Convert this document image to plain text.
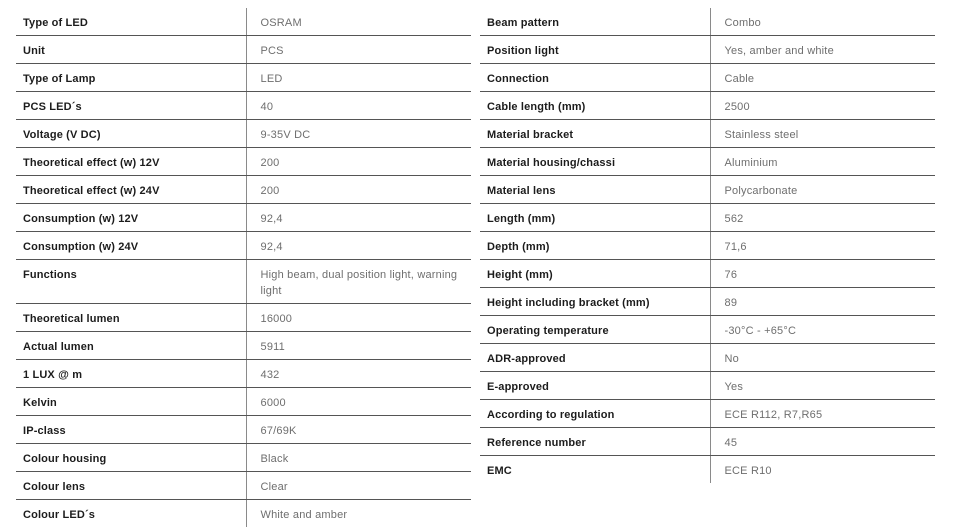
Type of LED	OSRAM
Unit	PCS
Type of Lamp	LED
PCS LED´s	40
Voltage (V DC)	9-35V DC
Theoretical effect (w) 12V	200
Theoretical effect (w) 24V	200
Consumption (w) 12V	92,4
Consumption (w) 24V	92,4
Functions	High beam, dual position light, warning light
Theoretical lumen	16000
Actual lumen	5911
1 LUX @ m	432
Kelvin	6000
IP-class	67/69K
Colour housing	Black
Colour lens	Clear
Colour LED´s	White and amber
Beam pattern	Combo
Position light	Yes, amber and white
Connection	Cable
Cable length (mm)	2500
Material bracket	Stainless steel
Material housing/chassi	Aluminium
Material lens	Polycarbonate
Length (mm)	562
Depth (mm)	71,6
Height (mm)	76
Height including bracket (mm)	89
Operating temperature	-30°C - +65°C
ADR-approved	No
E-approved	Yes
According to regulation	ECE R112, R7,R65
Reference number	45
EMC	ECE R10
